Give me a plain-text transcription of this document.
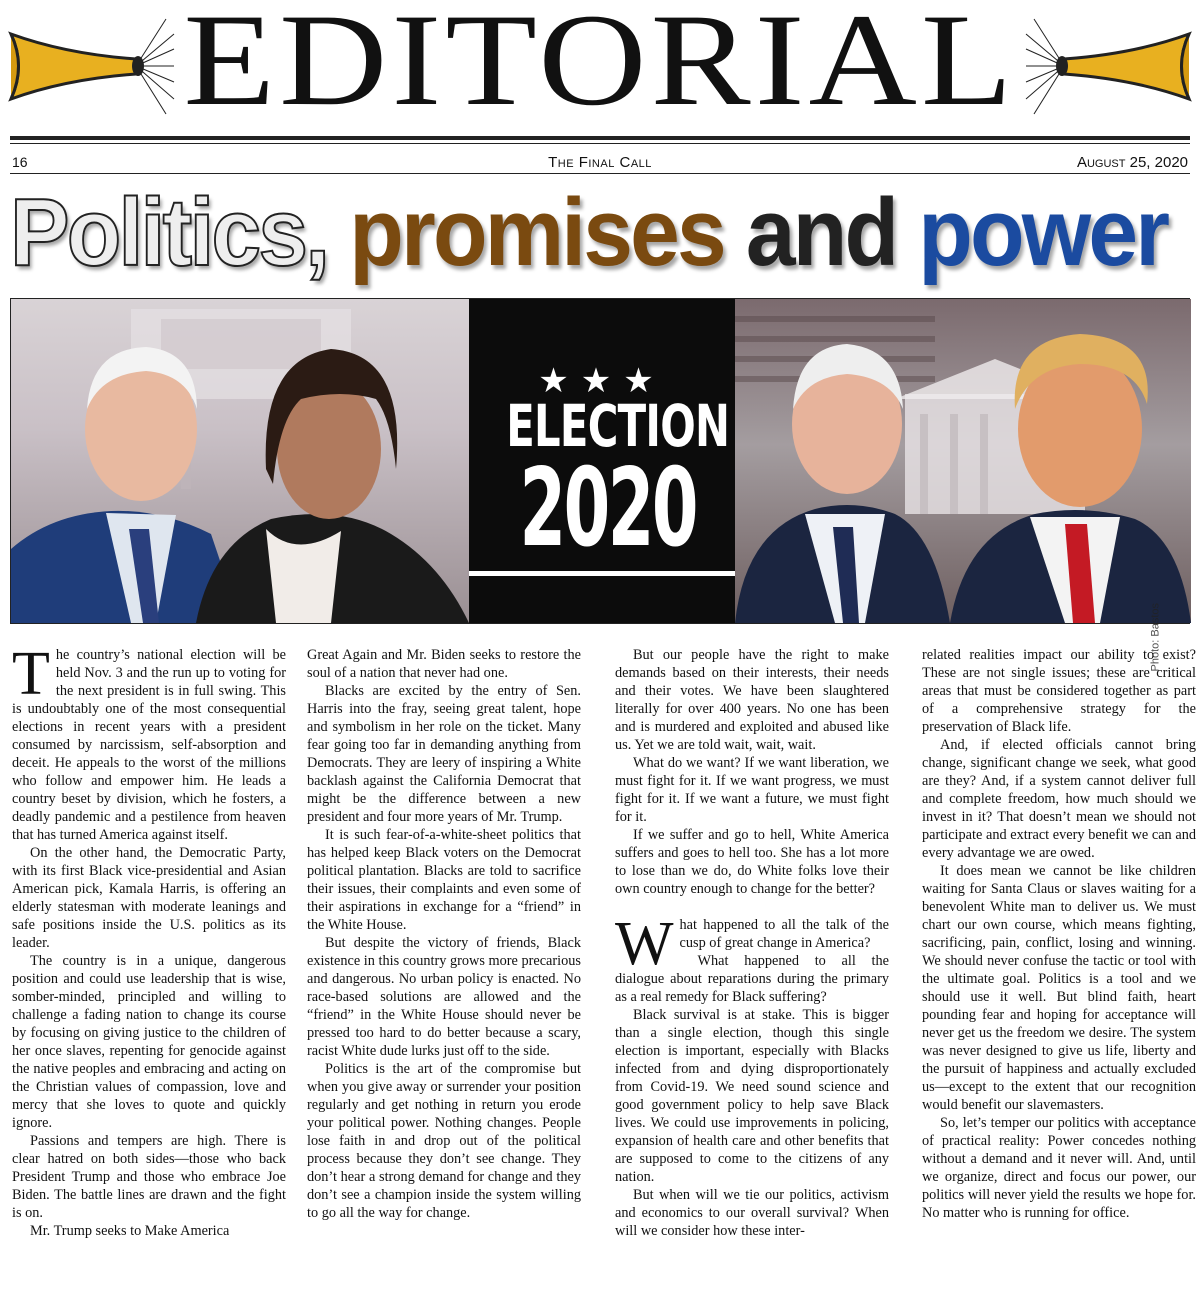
EDITORIAL
16	The Final Call	August 25, 2020
Politics, promises and power
★★★
ELECTION
2020
Photo: Bastos

The country’s national election will be held Nov. 3 and the run up to voting for the next president is in full swing. This is undoubtably one of the most consequential elections in recent years with a president consumed by narcissism, self-absorption and deceit. He appeals to the worst of the millions who follow and empower him. He leads a country beset by division, which he fosters, a deadly pandemic and a pestilence from heaven that has turned America against itself.

On the other hand, the Democratic Party, with its first Black vice-presidential and Asian American pick, Kamala Harris, is offering an elderly statesman with moderate leanings and safe positions inside the U.S. politics as its leader.

The country is in a unique, dangerous position and could use leadership that is wise, somber-minded, principled and willing to challenge a fading nation to change its course by focusing on giving justice to the children of her once slaves, repenting for genocide against the native peoples and embracing and acting on the Christian values of compassion, love and mercy that she loves to quote and quickly ignore.

Passions and tempers are high. There is clear hatred on both sides—those who back President Trump and those who embrace Joe Biden. The battle lines are drawn and the fight is on.

Mr. Trump seeks to Make America

Great Again and Mr. Biden seeks to restore the soul of a nation that never had one.

Blacks are excited by the entry of Sen. Harris into the fray, seeing great talent, hope and symbolism in her role on the ticket. Many fear going too far in demanding anything from Democrats. They are leery of inspiring a White backlash against the California Democrat that might be the difference between a new president and four more years of Mr. Trump.

It is such fear-of-a-white-sheet politics that has helped keep Black voters on the Democrat political plantation. Blacks are told to sacrifice their issues, their complaints and even some of their aspirations in exchange for a “friend” in the White House.

But despite the victory of friends, Black existence in this country grows more precarious and dangerous. No urban policy is enacted. No race-based solutions are allowed and the “friend” in the White House should never be pressed too hard to do better because a scary, racist White dude lurks just off to the side.

Politics is the art of the compromise but when you give away or surrender your position regularly and get nothing in return you erode your political power. Nothing changes. People lose faith in and drop out of the political process because they don’t see change. They don’t hear a strong demand for change and they don’t see a champion inside the system willing to go all the way for change.

But our people have the right to make demands based on their interests, their needs and their votes. We have been slaughtered literally for over 400 years. No one has been and is murdered and exploited and abused like us. Yet we are told wait, wait, wait.

What do we want? If we want liberation, we must fight for it. If we want progress, we must fight for it. If we want a future, we must fight for it.

If we suffer and go to hell, White America suffers and goes to hell too. She has a lot more to lose than we do, do White folks love their own country enough to change for the better?

What happened to all the talk of the cusp of great change in America?

What happened to all the dialogue about reparations during the primary as a real remedy for Black suffering?

Black survival is at stake. This is bigger than a single election, though this single election is important, especially with Blacks infected from and dying disproportionately from Covid-19. We need sound science and good government policy to help save Black lives. We could use improvements in policing, expansion of health care and other benefits that are supposed to come to the citizens of any nation.

But when will we tie our politics, activism and economics to our overall survival? When will we consider how these inter-

related realities impact our ability to exist? These are not single issues; these are critical areas that must be considered together as part of a comprehensive strategy for the preservation of Black life.

And, if elected officials cannot bring change, significant change we seek, what good are they? And, if a system cannot deliver full and complete freedom, how much should we invest in it? That doesn’t mean we should not participate and extract every benefit we can and every advantage we are owed.

It does mean we cannot be like children waiting for Santa Claus or slaves waiting for a benevolent White man to deliver us. We must chart our own course, which means fighting, sacrificing, pain, conflict, losing and winning. We should never confuse the tactic or tool with the ultimate goal. Politics is a tool and we should use it well. But blind faith, heart pounding fear and hoping for acceptance will never get us the freedom we desire. The system was never designed to give us life, liberty and the pursuit of happiness and actually excluded us—except to the extent that our recognition would benefit our slavemasters.

So, let’s temper our politics with acceptance of practical reality: Power concedes nothing without a demand and it never will. And, until we organize, direct and focus our power, our politics will never yield the results we hope for. No matter who is running for office.
